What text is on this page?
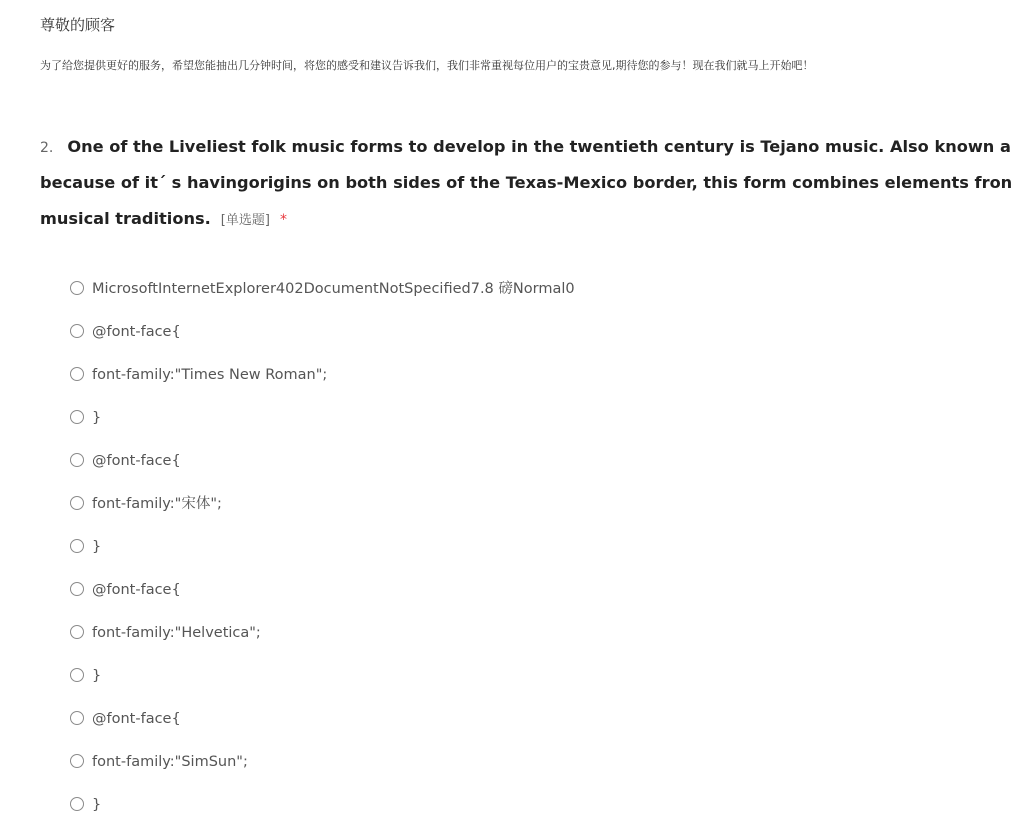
尊敬的顾客
为了给您提供更好的服务，希望您能抽出几分钟时间，将您的感受和建议告诉我们，我们非常重视每位用户的宝贵意见,期待您的参与！现在我们就马上开始吧！
2. One of the Liveliest folk music forms to develop in the twentieth century is Tejano music. Also known a
because of it´ s havingorigins on both sides of the Texas-Mexico border, this form combines elements fron
musical traditions. [单选题] *
MicrosoftInternetExplorer402DocumentNotSpecified7.8 磅Normal0
@font-face{
font-family:"Times New Roman";
}
@font-face{
font-family:"宋体";
}
@font-face{
font-family:"Helvetica";
}
@font-face{
font-family:"SimSun";
}
